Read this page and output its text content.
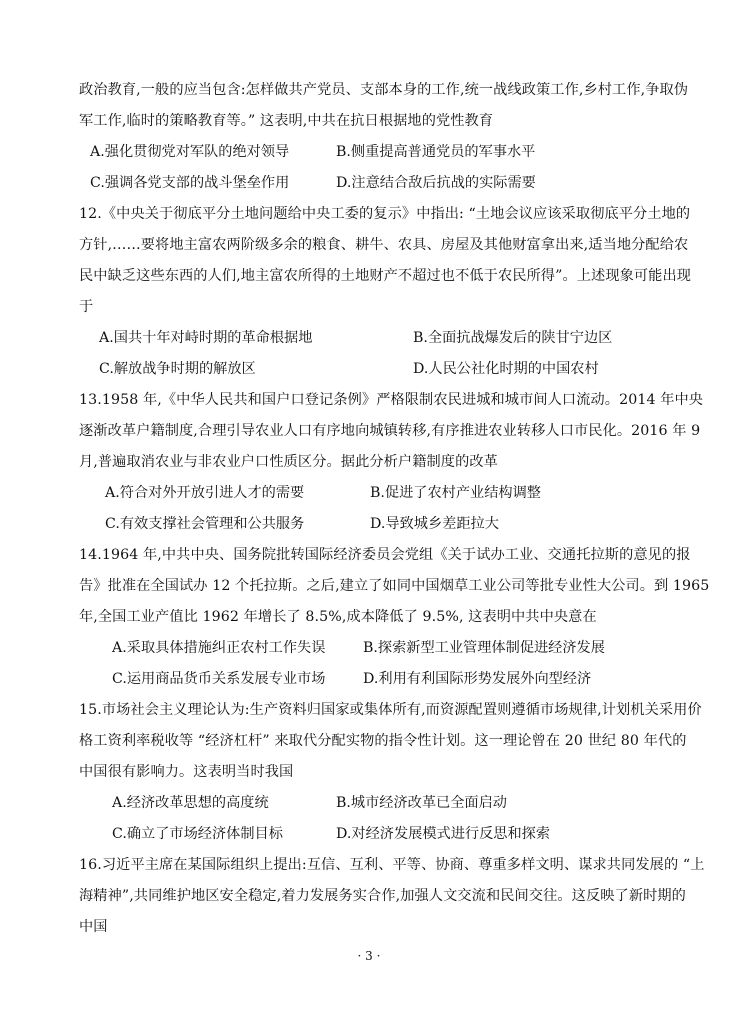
政治教育,一般的应当包含:怎样做共产党员、支部本身的工作,统一战线政策工作,乡村工作,争取伪
军工作,临时的策略教育等。” 这表明,中共在抗日根据地的党性教育
A.强化贯彻党对军队的绝对领导	B.侧重提高普通党员的军事水平
C.强调各党支部的战斗堡垒作用	D.注意结合敌后抗战的实际需要
12.《中央关于彻底平分土地问题给中央工委的复示》中指出: “土地会议应该采取彻底平分土地的
方针,……要将地主富农两阶级多余的粮食、耕牛、农具、房屋及其他财富拿出来,适当地分配给农
民中缺乏这些东西的人们,地主富农所得的土地财产不超过也不低于农民所得”。上述现象可能出现
于
A.国共十年对峙时期的革命根据地	B.全面抗战爆发后的陕甘宁边区
C.解放战争时期的解放区	D.人民公社化时期的中国农村
13.1958 年,《中华人民共和国户口登记条例》严格限制农民进城和城市间人口流动。2014 年中央
逐渐改革户籍制度,合理引导农业人口有序地向城镇转移,有序推进农业转移人口市民化。2016 年 9
月,普遍取消农业与非农业户口性质区分。据此分析户籍制度的改革
A.符合对外开放引进人才的需要	B.促进了农村产业结构调整
C.有效支撑社会管理和公共服务	D.导致城乡差距拉大
14.1964 年,中共中央、国务院批转国际经济委员会党组《关于试办工业、交通托拉斯的意见的报
告》批准在全国试办 12 个托拉斯。之后,建立了如同中国烟草工业公司等批专业性大公司。到 1965
年,全国工业产值比 1962 年增长了 8.5%,成本降低了 9.5%, 这表明中共中央意在
A.采取具体措施纠正农村工作失误	B.探索新型工业管理体制促进经济发展
C.运用商品货币关系发展专业市场	D.利用有利国际形势发展外向型经济
15.市场社会主义理论认为:生产资料归国家或集体所有,而资源配置则遵循市场规律,计划机关采用价
格工资利率税收等 “经济杠杆” 来取代分配实物的指令性计划。这一理论曾在 20 世纪 80 年代的
中国很有影响力。这表明当时我国
A.经济改革思想的高度统	B.城市经济改革已全面启动
C.确立了市场经济体制目标	D.对经济发展模式进行反思和探索
16.习近平主席在某国际组织上提出:互信、互利、平等、协商、尊重多样文明、谋求共同发展的 “上
海精神”,共同维护地区安全稳定,着力发展务实合作,加强人文交流和民间交往。这反映了新时期的
中国
· 3 ·
